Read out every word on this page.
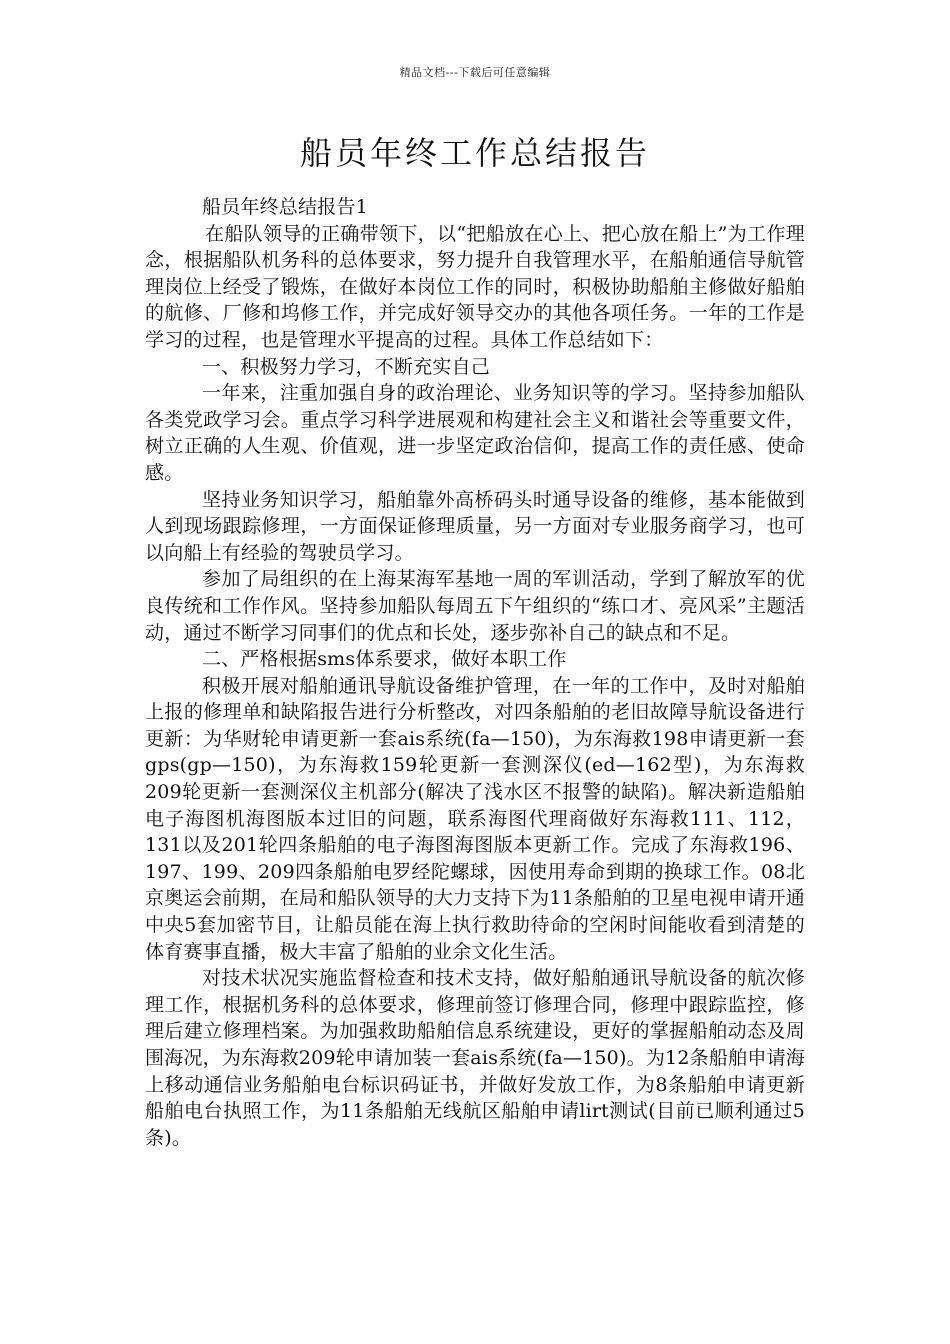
精品文档---下载后可任意编辑
船员年终工作总结报告

船员年终总结报告1

在船队领导的正确带领下，以“把船放在心上、把心放在船上”为工作理念，根据船队机务科的总体要求，努力提升自我管理水平，在船舶通信导航管理岗位上经受了锻炼，在做好本岗位工作的同时，积极协助船舶主修做好船舶的航修、厂修和坞修工作，并完成好领导交办的其他各项任务。一年的工作是学习的过程，也是管理水平提高的过程。具体工作总结如下：

一、积极努力学习，不断充实自己

一年来，注重加强自身的政治理论、业务知识等的学习。坚持参加船队各类党政学习会。重点学习科学进展观和构建社会主义和谐社会等重要文件，树立正确的人生观、价值观，进一步坚定政治信仰，提高工作的责任感、使命感。

坚持业务知识学习，船舶靠外高桥码头时通导设备的维修，基本能做到人到现场跟踪修理，一方面保证修理质量，另一方面对专业服务商学习，也可以向船上有经验的驾驶员学习。

参加了局组织的在上海某海军基地一周的军训活动，学到了解放军的优良传统和工作作风。坚持参加船队每周五下午组织的“练口才、亮风采”主题活动，通过不断学习同事们的优点和长处，逐步弥补自己的缺点和不足。

二、严格根据sms体系要求，做好本职工作

积极开展对船舶通讯导航设备维护管理，在一年的工作中，及时对船舶上报的修理单和缺陷报告进行分析整改，对四条船舶的老旧故障导航设备进行更新：为华财轮申请更新一套ais系统(fa—150)，为东海救198申请更新一套gps(gp—150)，为东海救159轮更新一套测深仪(ed—162型)，为东海救209轮更新一套测深仪主机部分(解决了浅水区不报警的缺陷)。解决新造船舶电子海图机海图版本过旧的问题，联系海图代理商做好东海救111、112，131以及201轮四条船舶的电子海图海图版本更新工作。完成了东海救196、197、199、209四条船舶电罗经陀螺球，因使用寿命到期的换球工作。08北京奥运会前期，在局和船队领导的大力支持下为11条船舶的卫星电视申请开通中央5套加密节目，让船员能在海上执行救助待命的空闲时间能收看到清楚的体育赛事直播，极大丰富了船舶的业余文化生活。

对技术状况实施监督检查和技术支持，做好船舶通讯导航设备的航次修理工作，根据机务科的总体要求，修理前签订修理合同，修理中跟踪监控，修理后建立修理档案。为加强救助船舶信息系统建设，更好的掌握船舶动态及周围海况，为东海救209轮申请加装一套ais系统(fa—150)。为12条船舶申请海上移动通信业务船舶电台标识码证书，并做好发放工作，为8条船舶申请更新船舶电台执照工作，为11条船舶无线航区船舶申请lirt测试(目前已顺利通过5条)。
